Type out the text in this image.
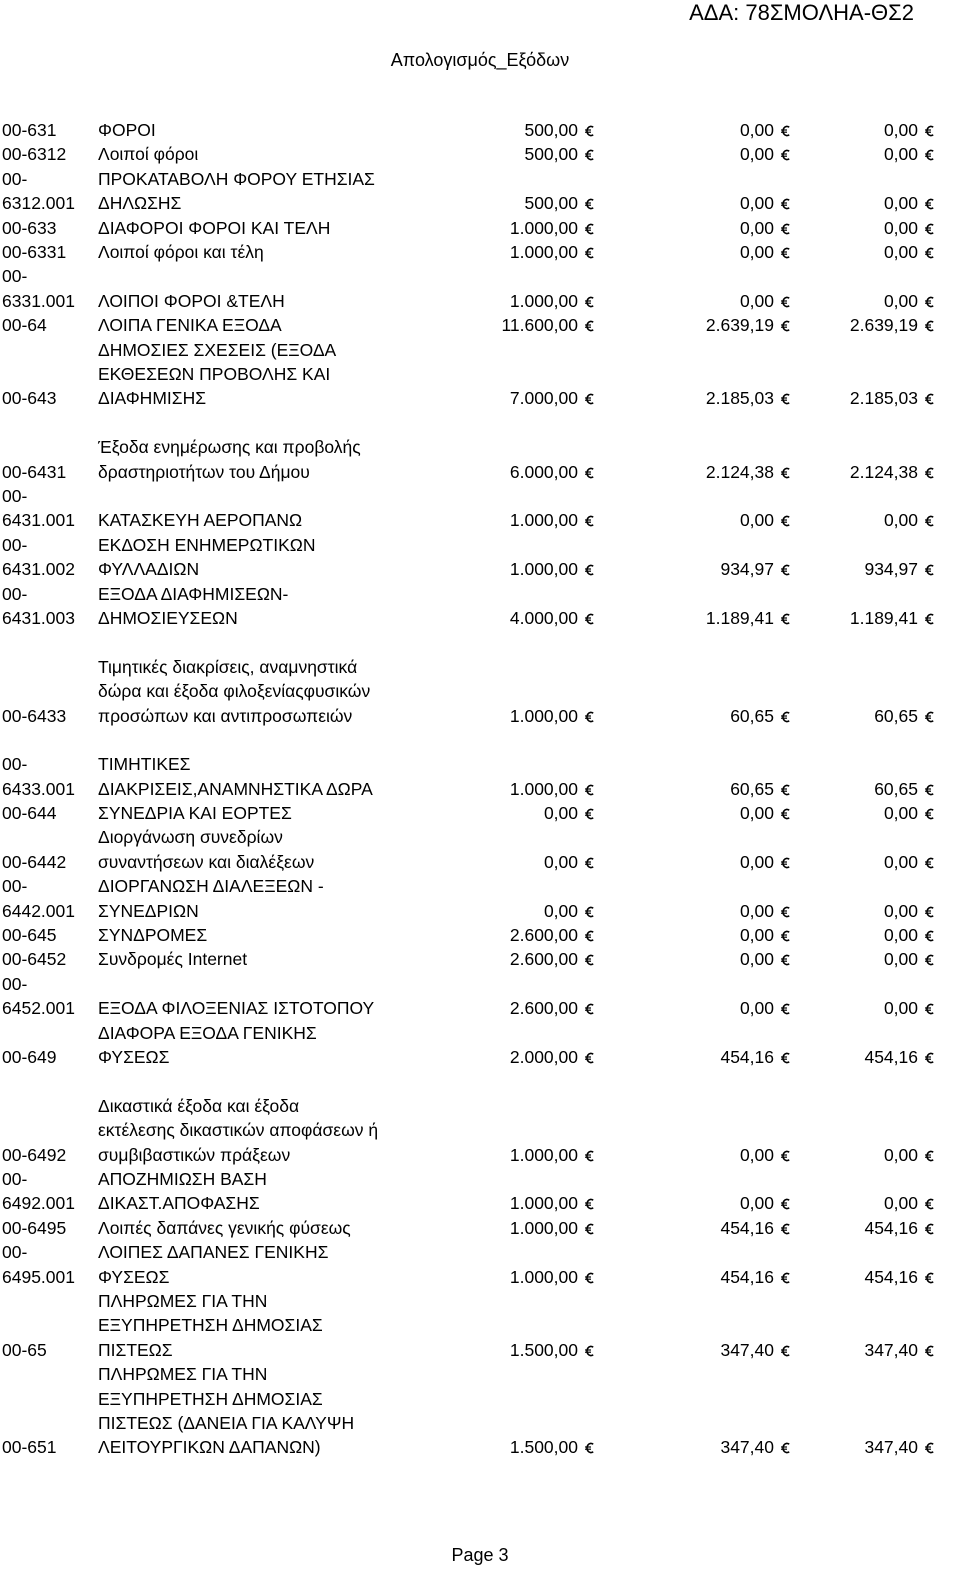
ΑΔΑ: 78ΣΜΟΛΗΑ-ΘΣ2
Απολογισμός_Εξόδων
00-631 ΦΟΡΟΙ	500,00	0,00	0,00
00-6312 Λοιποί φόροι	500,00	0,00	0,00
00-	ΠΡΟΚΑΤΑΒΟΛΗ ΦΟΡΟΥ ΕΤΗΣΙΑΣ
6312.001 ΔΗΛΩΣΗΣ	500,00	0,00	0,00
00-633 ΔΙΑΦΟΡΟΙ ΦΟΡΟΙ ΚΑΙ ΤΕΛΗ	1.000,00	0,00	0,00
00-6331 Λοιποί φόροι και τέλη	1.000,00	0,00	0,00
00-
6331.001 ΛΟΙΠΟΙ ΦΟΡΟΙ &ΤΕΛΗ	1.000,00	0,00	0,00
00-64	ΛΟΙΠΑ ΓΕΝΙΚΑ ΕΞΟΔΑ	11.600,00	2.639,19	2.639,19
ΔΗΜΟΣΙΕΣ ΣΧΕΣΕΙΣ (ΕΞΟΔΑ
ΕΚΘΕΣΕΩΝ ΠΡΟΒΟΛΗΣ ΚΑΙ
00-643 ΔΙΑΦΗΜΙΣΗΣ	7.000,00	2.185,03	2.185,03
Έξοδα ενημέρωσης και προβολής
00-6431 δραστηριοτήτων του Δήμου	6.000,00	2.124,38	2.124,38
00-
6431.001 ΚΑΤΑΣΚΕΥΗ ΑΕΡΟΠΑΝΩ	1.000,00	0,00	0,00
00-	ΕΚΔΟΣΗ ΕΝΗΜΕΡΩΤΙΚΩΝ
6431.002 ΦΥΛΛΑΔΙΩΝ	1.000,00	934,97	934,97
00-	ΕΞΟΔΑ ΔΙΑΦΗΜΙΣΕΩΝ-
6431.003 ΔΗΜΟΣΙΕΥΣΕΩΝ	4.000,00	1.189,41	1.189,41
Τιμητικές διακρίσεις, αναμνηστικά
δώρα και έξοδα φιλοξενίαςφυσικών
00-6433 προσώπων και αντιπροσωπειών	1.000,00	60,65	60,65
00-	ΤΙΜΗΤΙΚΕΣ
6433.001 ΔΙΑΚΡΙΣΕΙΣ,ΑΝΑΜΝΗΣΤΙΚΑ ΔΩΡΑ	1.000,00	60,65	60,65
00-644 ΣΥΝΕΔΡΙΑ ΚΑΙ ΕΟΡΤΕΣ	0,00	0,00	0,00
Διοργάνωση συνεδρίων
00-6442 συναντήσεων και διαλέξεων	0,00	0,00	0,00
00-	ΔΙΟΡΓΑΝΩΣΗ ΔΙΑΛΕΞΕΩΝ -
6442.001 ΣΥΝΕΔΡΙΩΝ	0,00	0,00	0,00
00-645 ΣΥΝΔΡΟΜΕΣ	2.600,00	0,00	0,00
00-6452 Συνδρομές Internet	2.600,00	0,00	0,00
00-
6452.001 ΕΞΟΔΑ ΦΙΛΟΞΕΝΙΑΣ ΙΣΤΟΤΟΠΟΥ	2.600,00	0,00	0,00
ΔΙΑΦΟΡΑ ΕΞΟΔΑ ΓΕΝΙΚΗΣ
00-649 ΦΥΣΕΩΣ	2.000,00	454,16	454,16
Δικαστικά έξοδα και έξοδα
εκτέλεσης δικαστικών αποφάσεων ή
00-6492 συμβιβαστικών πράξεων	1.000,00	0,00	0,00
00-	ΑΠΟΖΗΜΙΩΣΗ ΒΑΣΗ
6492.001 ΔΙΚΑΣΤ.ΑΠΟΦΑΣΗΣ	1.000,00	0,00	0,00
00-6495 Λοιπές δαπάνες γενικής φύσεως	1.000,00	454,16	454,16
00-	ΛΟΙΠΕΣ ΔΑΠΑΝΕΣ ΓΕΝΙΚΗΣ
6495.001 ΦΥΣΕΩΣ	1.000,00	454,16	454,16
ΠΛΗΡΩΜΕΣ ΓΙΑ ΤΗΝ
ΕΞΥΠΗΡΕΤΗΣΗ ΔΗΜΟΣΙΑΣ
00-65	ΠΙΣΤΕΩΣ	1.500,00	347,40	347,40
ΠΛΗΡΩΜΕΣ ΓΙΑ ΤΗΝ
ΕΞΥΠΗΡΕΤΗΣΗ ΔΗΜΟΣΙΑΣ
ΠΙΣΤΕΩΣ (ΔΑΝΕΙΑ ΓΙΑ ΚΑΛΥΨΗ
00-651 ΛΕΙΤΟΥΡΓΙΚΩΝ ΔΑΠΑΝΩΝ)	1.500,00	347,40	347,40
Page 3
